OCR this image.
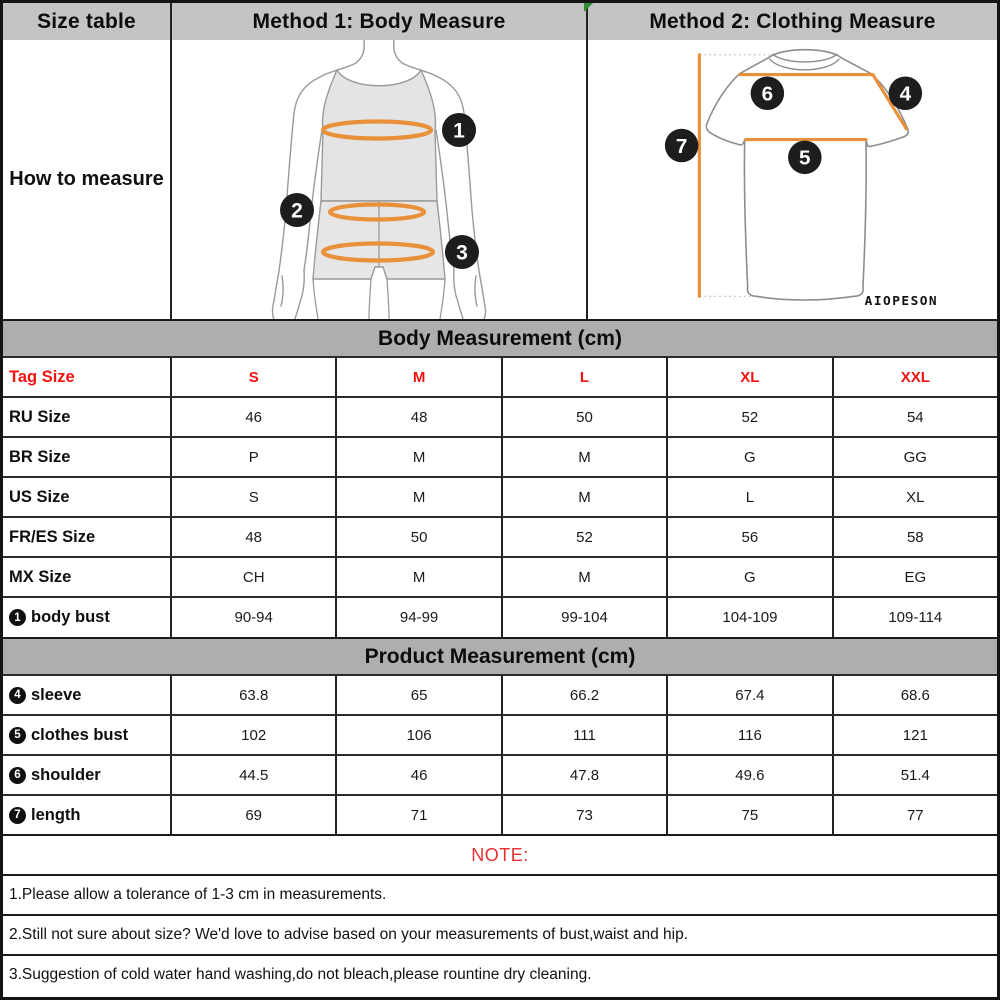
Size table	Method 1: Body Measure	Method 2: Clothing Measure
How to measure
1
2
3
6	4
7
5
AIOPESON
Body Measurement (cm)
Tag Size	S	M	L	XL	XXL
RU Size	46	48	50	52	54
BR Size	P	M	M	G	GG
US Size	S	M	M	L	XL
FR/ES Size	48	50	52	56	58
MX Size	CH	M	M	G	EG
1 body bust	90-94	94-99	99-104	104-109	109-114
Product Measurement (cm)
4 sleeve	63.8	65	66.2	67.4	68.6
5 clothes bust	102	106	111	116	121
6 shoulder	44.5	46	47.8	49.6	51.4
7 length	69	71	73	75	77
NOTE:
1.Please allow a tolerance of 1-3 cm in measurements.
2.Still not sure about size? We'd love to advise based on your measurements of bust,waist and hip.
3.Suggestion of cold water hand washing,do not bleach,please rountine dry cleaning.
